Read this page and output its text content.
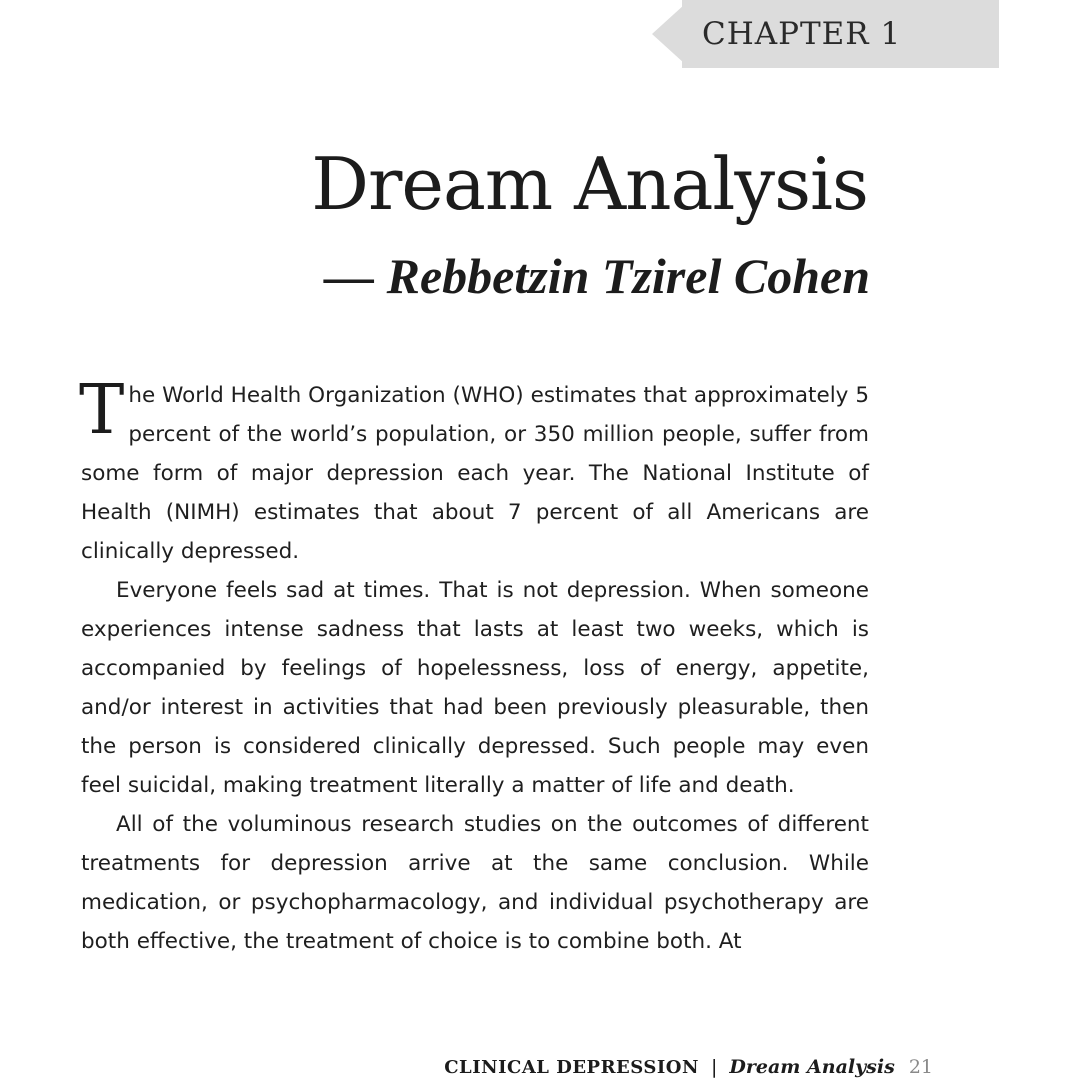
CHAPTER 1
Dream Analysis
— Rebbetzin Tzirel Cohen

The World Health Organization (WHO) estimates that approximately 5 percent of the world’s population, or 350 million people, suffer from some form of major depression each year. The National Institute of Health (NIMH) estimates that about 7 percent of all Americans are clinically depressed.

Everyone feels sad at times. That is not depression. When someone experiences intense sadness that lasts at least two weeks, which is accompanied by feelings of hopelessness, loss of energy, appetite, and/or interest in activities that had been previously pleasurable, then the person is considered clinically depressed. Such people may even feel suicidal, making treatment literally a matter of life and death.

All of the voluminous research studies on the outcomes of different treatments for depression arrive at the same conclusion. While medication, or psychopharmacology, and individual psychotherapy are both effective, the treatment of choice is to combine both. At

CLINICAL DEPRESSION | Dream Analysis 21
